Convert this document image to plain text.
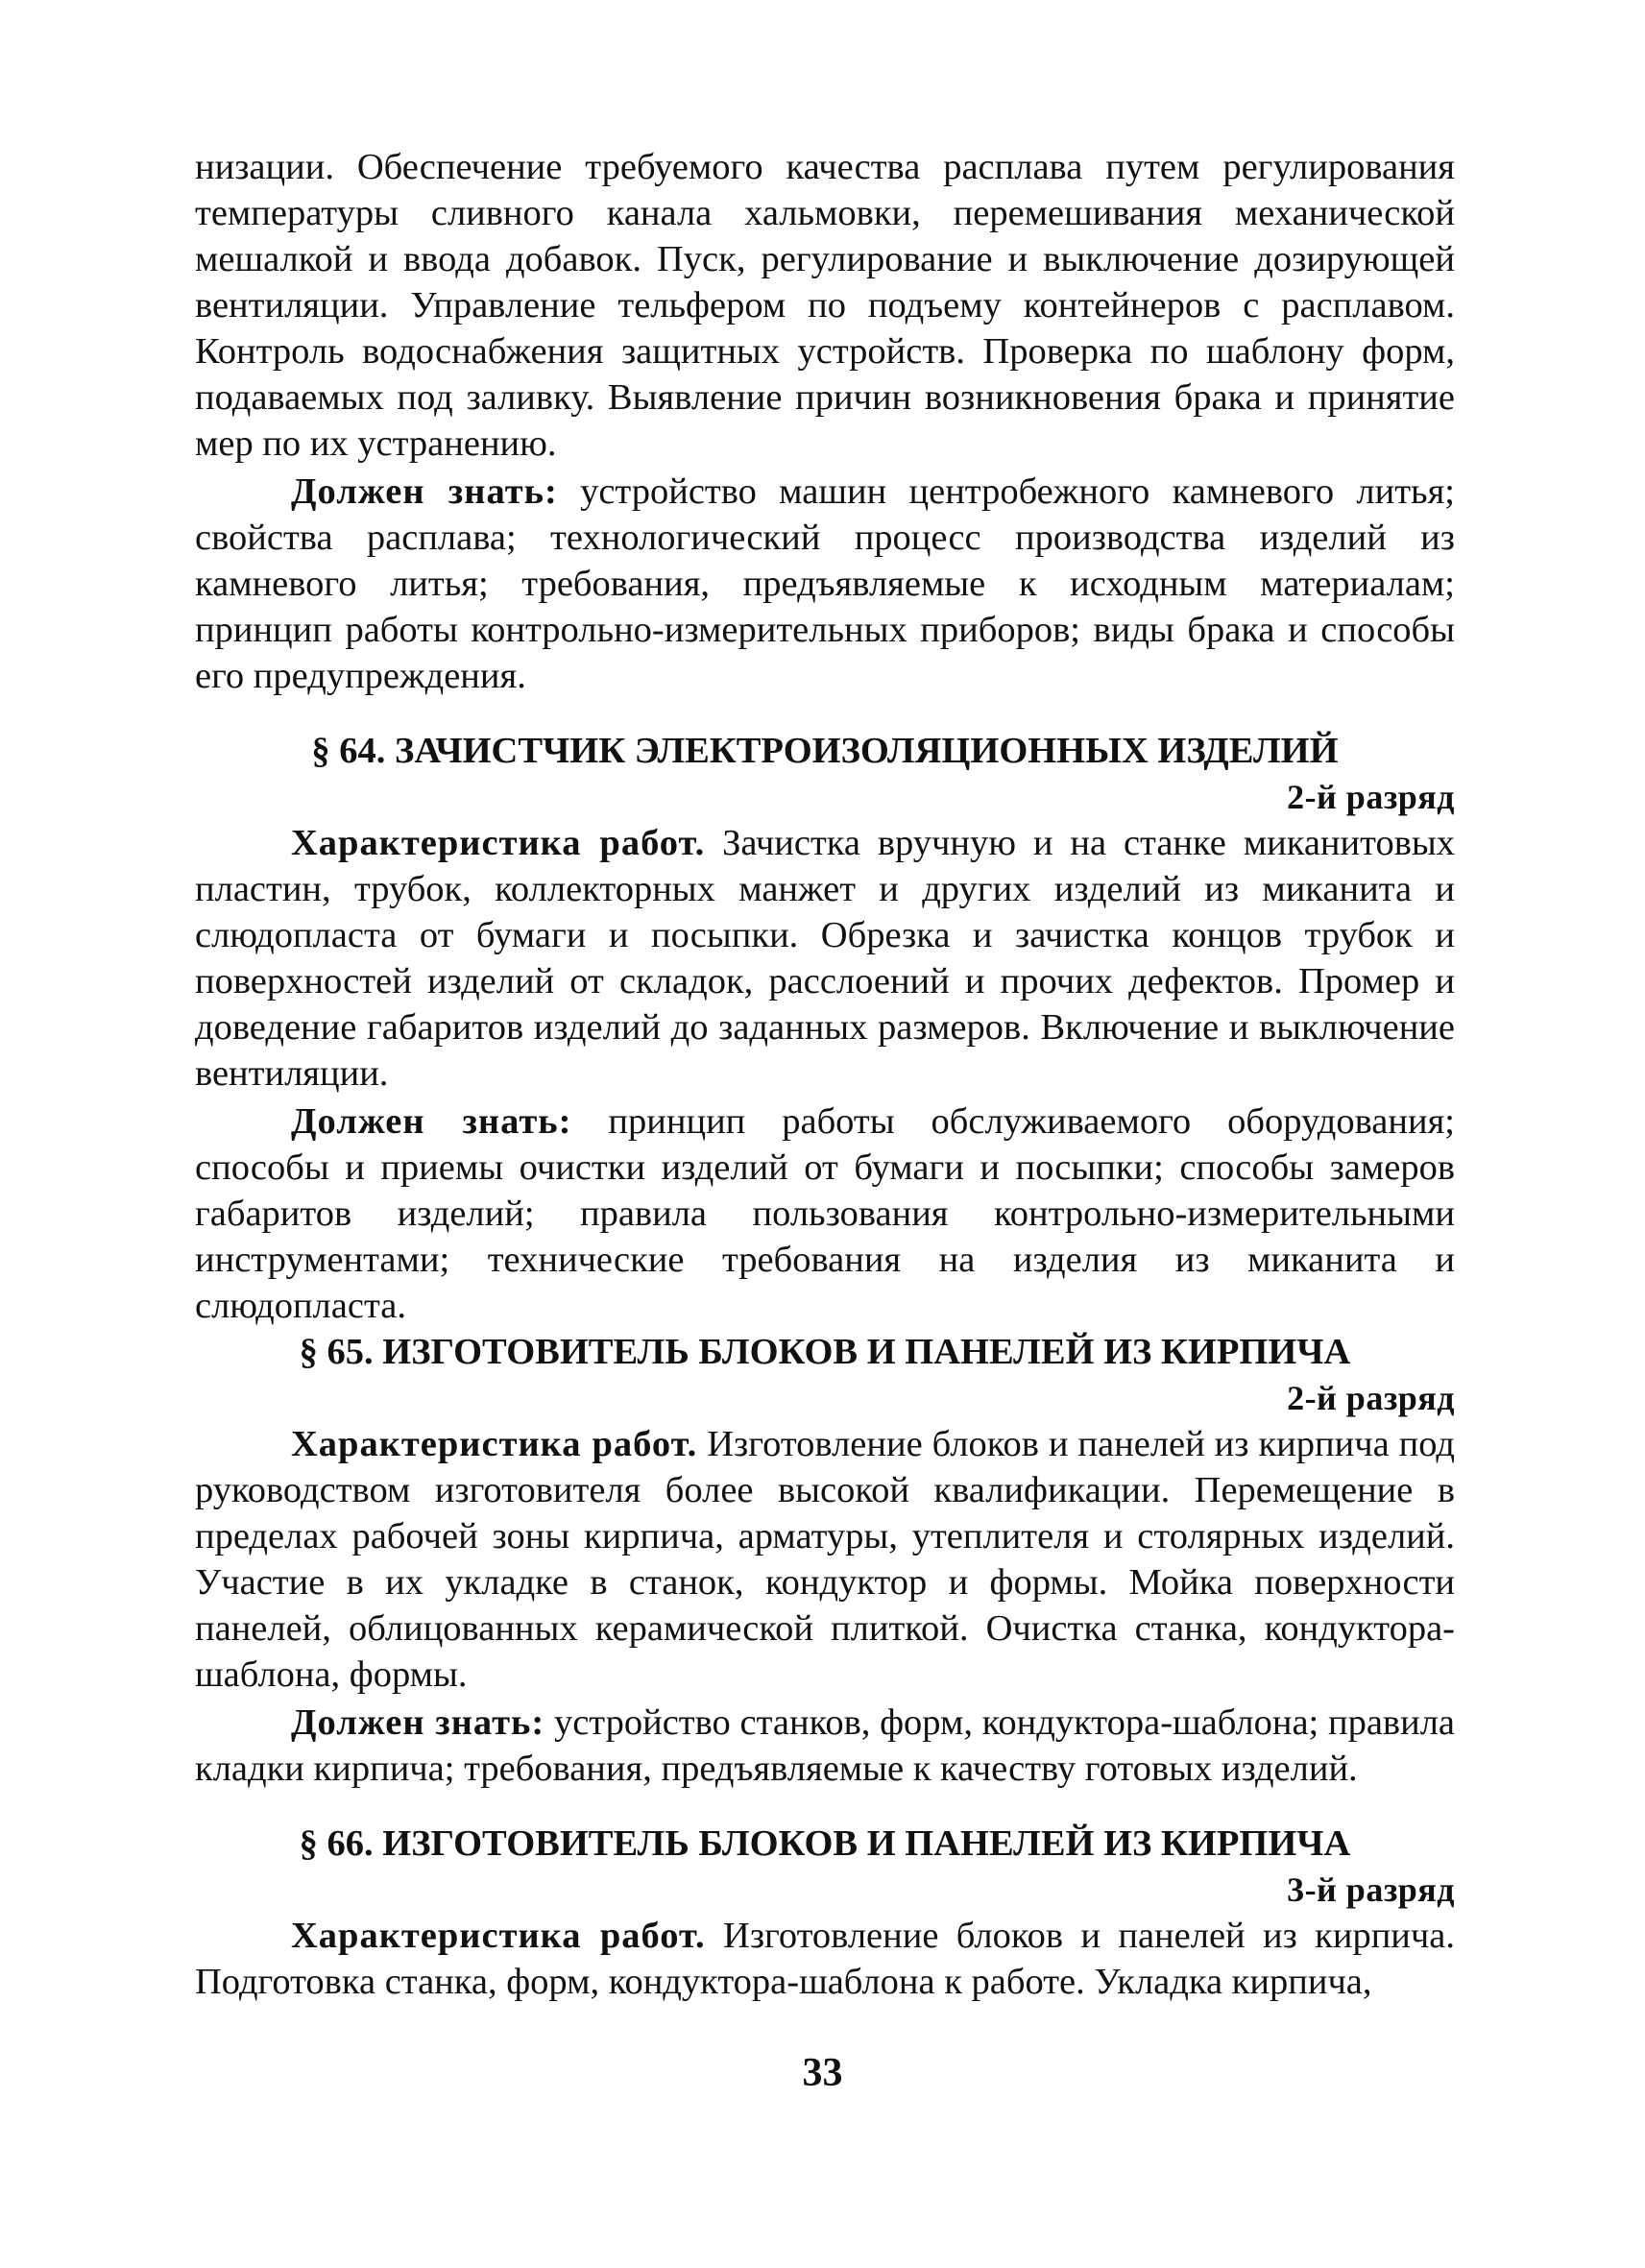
низации. Обеспечение требуемого качества расплава путем регулирования температуры сливного канала хальмовки, перемешивания механической мешалкой и ввода добавок. Пуск, регулирование и выключение дозирующей вентиляции. Управление тельфером по подъему контейнеров с расплавом. Контроль водоснабжения защитных устройств. Проверка по шаблону форм, подаваемых под заливку. Выявление причин возникновения брака и принятие мер по их устранению.

Должен знать: устройство машин центробежного камневого литья; свойства расплава; технологический процесс производства изделий из камневого литья; требования, предъявляемые к исходным материалам; принцип работы контрольно-измерительных приборов; виды брака и способы его предупреждения.

§ 64. ЗАЧИСТЧИК ЭЛЕКТРОИЗОЛЯЦИОННЫХ ИЗДЕЛИЙ

2-й разряд

Характеристика работ. Зачистка вручную и на станке миканитовых пластин, трубок, коллекторных манжет и других изделий из миканита и слюдопласта от бумаги и посыпки. Обрезка и зачистка концов трубок и поверхностей изделий от складок, расслоений и прочих дефектов. Промер и доведение габаритов изделий до заданных размеров. Включение и выключение вентиляции.

Должен знать: принцип работы обслуживаемого оборудования; способы и приемы очистки изделий от бумаги и посыпки; способы замеров габаритов изделий; правила пользования контрольно-измерительными инструментами; технические требования на изделия из миканита и слюдопласта.

§ 65. ИЗГОТОВИТЕЛЬ БЛОКОВ И ПАНЕЛЕЙ ИЗ КИРПИЧА

2-й разряд

Характеристика работ. Изготовление блоков и панелей из кирпича под руководством изготовителя более высокой квалификации. Перемещение в пределах рабочей зоны кирпича, арматуры, утеплителя и столярных изделий. Участие в их укладке в станок, кондуктор и формы. Мойка поверхности панелей, облицованных керамической плиткой. Очистка станка, кондуктора-шаблона, формы.

Должен знать: устройство станков, форм, кондуктора-шаблона; правила кладки кирпича; требования, предъявляемые к качеству готовых изделий.

§ 66. ИЗГОТОВИТЕЛЬ БЛОКОВ И ПАНЕЛЕЙ ИЗ КИРПИЧА

3-й разряд

Характеристика работ. Изготовление блоков и панелей из кирпича. Подготовка станка, форм, кондуктора-шаблона к работе. Укладка кирпича,

33
